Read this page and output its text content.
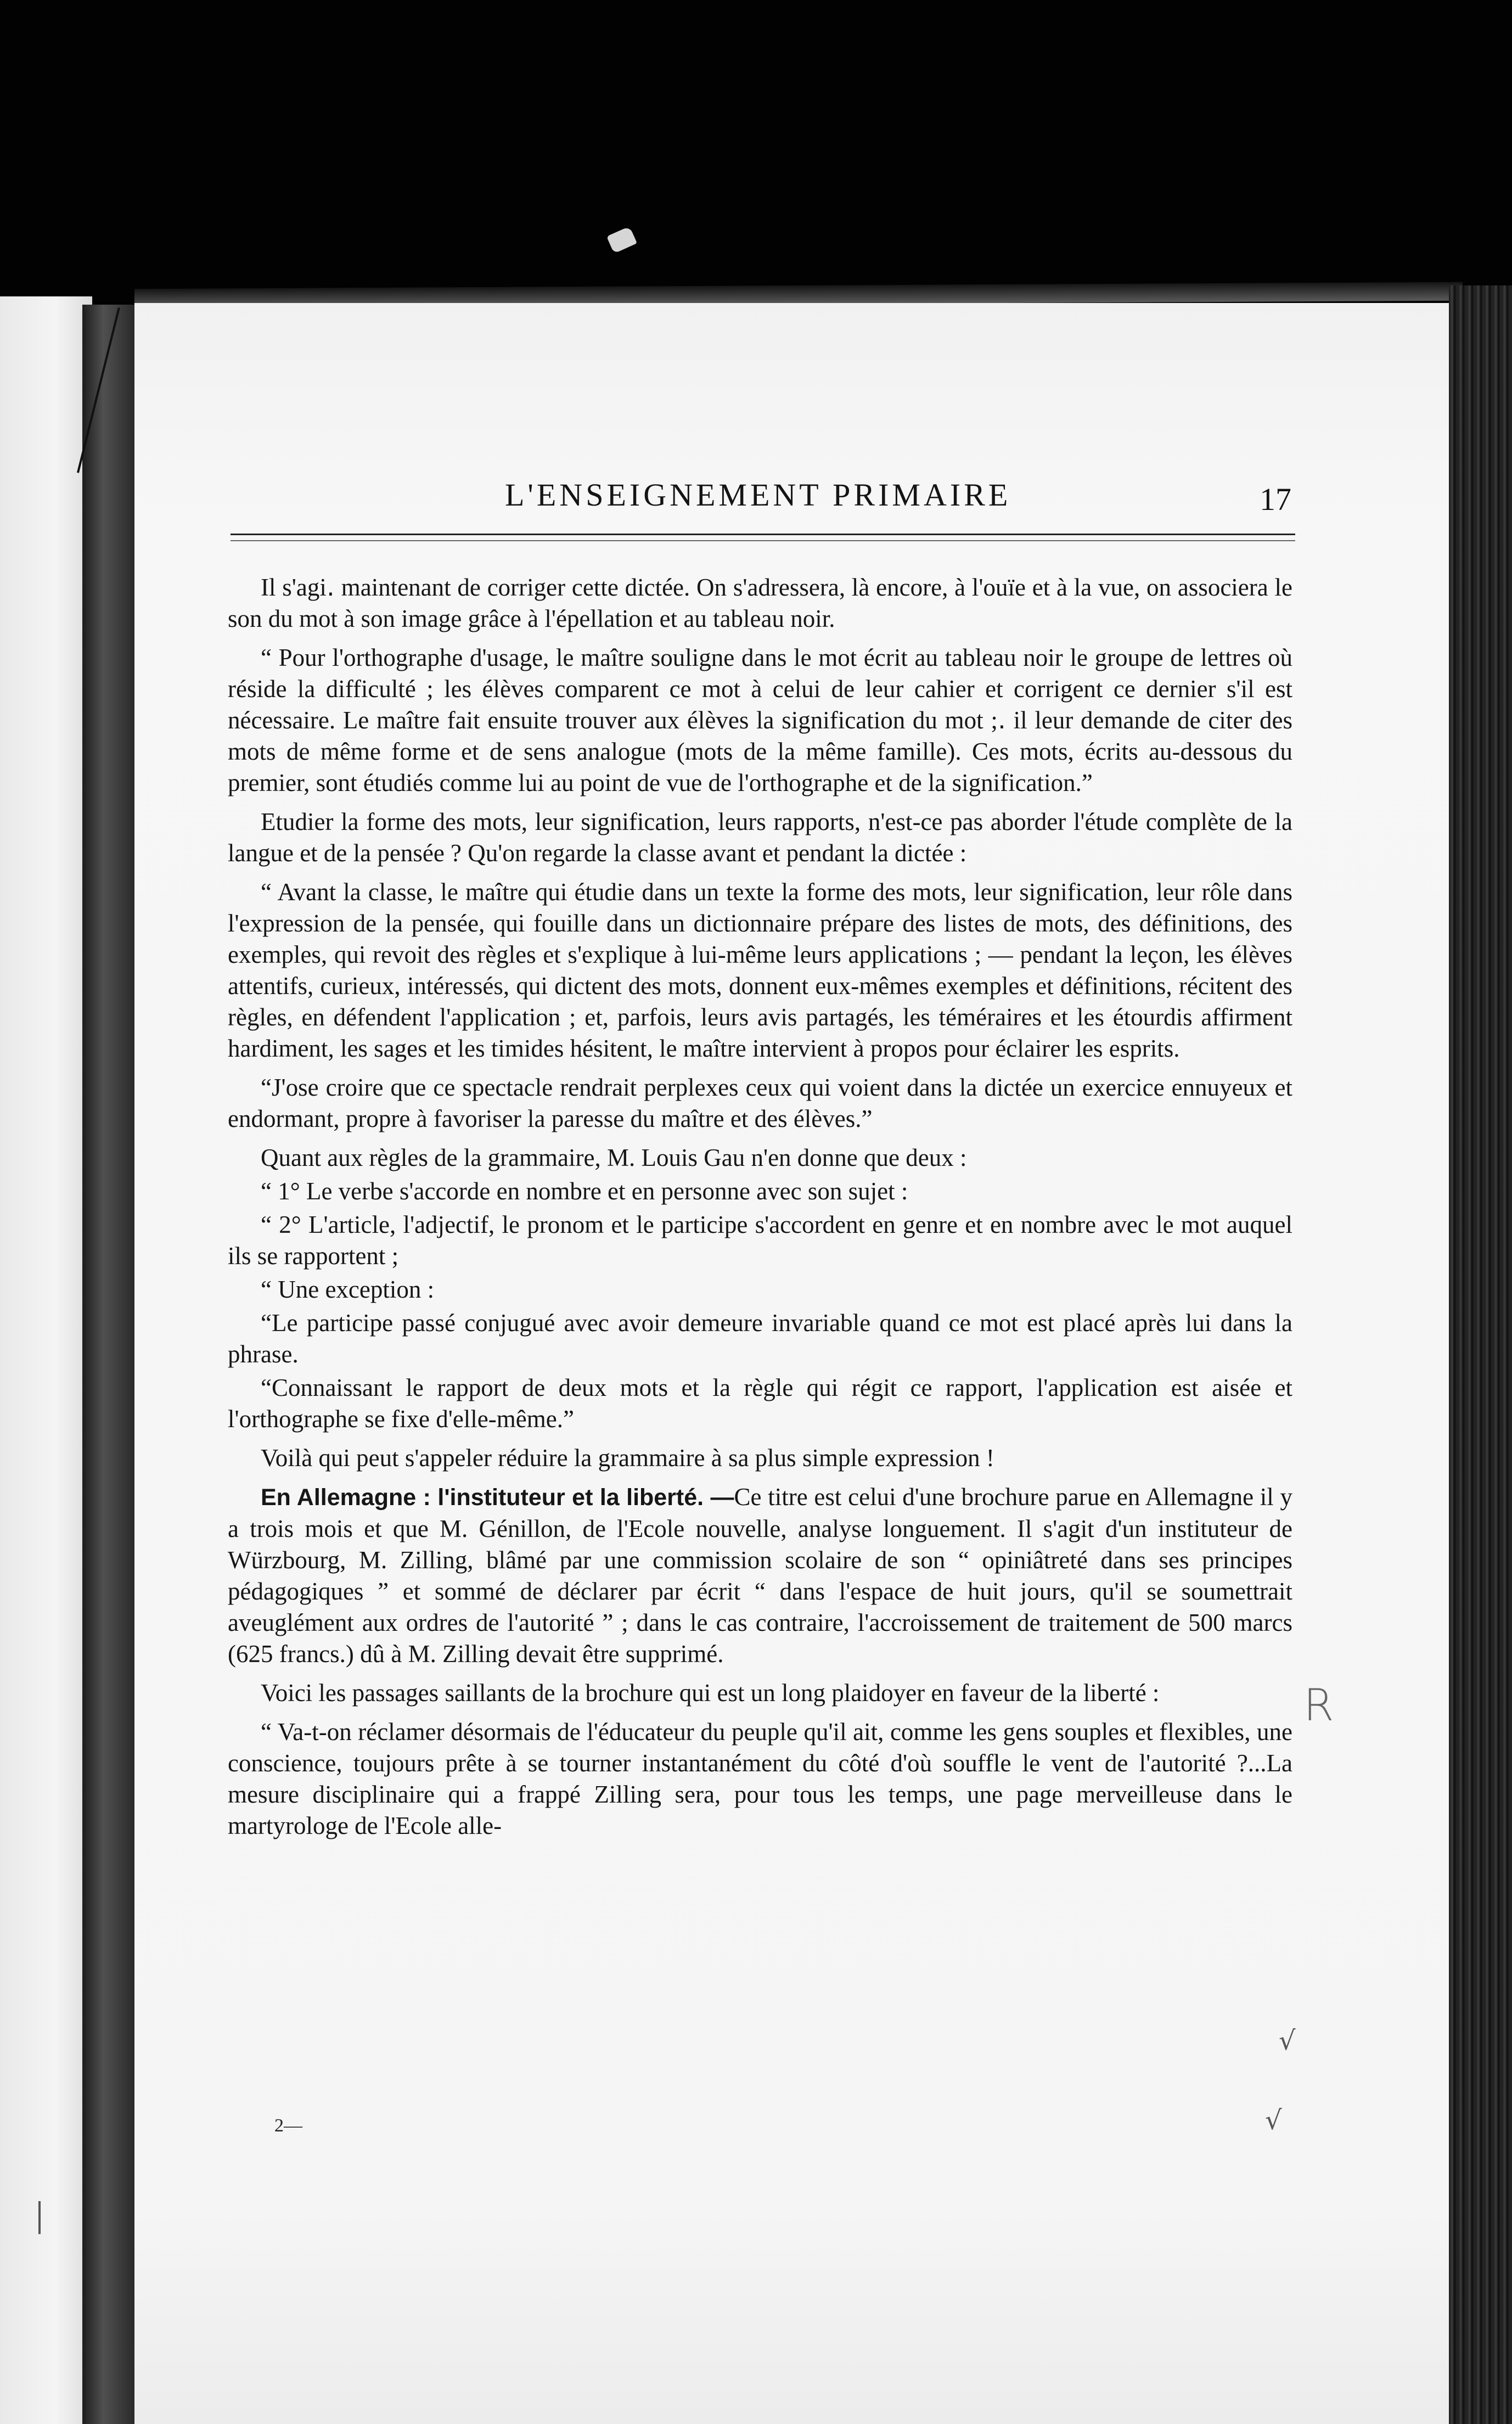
L'ENSEIGNEMENT PRIMAIRE	17

Il s'agi․ maintenant de corriger cette dictée. On s'adressera, là encore, à l'ouïe et à la vue, on associera le son du mot à son image grâce à l'épellation et au tableau noir.

“ Pour l'orthographe d'usage, le maître souligne dans le mot écrit au tableau noir le groupe de lettres où réside la difficulté ; les élèves comparent ce mot à celui de leur cahier et corrigent ce dernier s'il est nécessaire. Le maître fait ensuite trouver aux élèves la signification du mot ;․ il leur demande de citer des mots de même forme et de sens analogue (mots de la même famille). Ces mots, écrits au-dessous du premier, sont étudiés comme lui au point de vue de l'orthographe et de la signification.”

Etudier la forme des mots, leur signification, leurs rapports, n'est-ce pas aborder l'étude complète de la langue et de la pensée ? Qu'on regarde la classe avant et pendant la dictée :

“ Avant la classe, le maître qui étudie dans un texte la forme des mots, leur signification, leur rôle dans l'expression de la pensée, qui fouille dans un dictionnaire prépare des listes de mots, des définitions, des exemples, qui revoit des règles et s'explique à lui-même leurs applications ; — pendant la leçon, les élèves attentifs, curieux, intéressés, qui dictent des mots, donnent eux-mêmes exemples et définitions, récitent des règles, en défendent l'application ; et, parfois, leurs avis partagés, les téméraires et les étourdis affirment hardiment, les sages et les timides hésitent, le maître intervient à propos pour éclairer les esprits.

“J'ose croire que ce spectacle rendrait perplexes ceux qui voient dans la dictée un exercice ennuyeux et endormant, propre à favoriser la paresse du maître et des élèves.”

Quant aux règles de la grammaire, M. Louis Gau n'en donne que deux :

“ 1° Le verbe s'accorde en nombre et en personne avec son sujet :

“ 2° L'article, l'adjectif, le pronom et le participe s'accordent en genre et en nombre avec le mot auquel ils se rapportent ;

“ Une exception :

“Le participe passé conjugué avec avoir demeure invariable quand ce mot est placé après lui dans la phrase.

“Connaissant le rapport de deux mots et la règle qui régit ce rapport, l'application est aisée et l'orthographe se fixe d'elle-même.”

Voilà qui peut s'appeler réduire la grammaire à sa plus simple expression !

En Allemagne : l'instituteur et la liberté. —Ce titre est celui d'une brochure parue en Allemagne il y a trois mois et que M. Génillon, de l'Ecole nouvelle, analyse longuement. Il s'agit d'un instituteur de Würzbourg, M. Zilling, blâmé par une commission scolaire de son “ opiniâtreté dans ses principes pédagogiques ” et sommé de déclarer par écrit “ dans l'espace de huit jours, qu'il se soumettrait aveuglément aux ordres de l'autorité ” ; dans le cas contraire, l'accroissement de traitement de 500 marcs (625 francs.) dû à M. Zilling devait être supprimé.

Voici les passages saillants de la brochure qui est un long plaidoyer en faveur de la liberté :

“ Va-t-on réclamer désormais de l'éducateur du peuple qu'il ait, comme les gens souples et flexibles, une conscience, toujours prête à se tourner instantanément du côté d'où souffle le vent de l'autorité ?...La mesure disciplinaire qui a frappé Zilling sera, pour tous les temps, une page merveilleuse dans le martyrologe de l'Ecole alle-

2—
R
√
√
